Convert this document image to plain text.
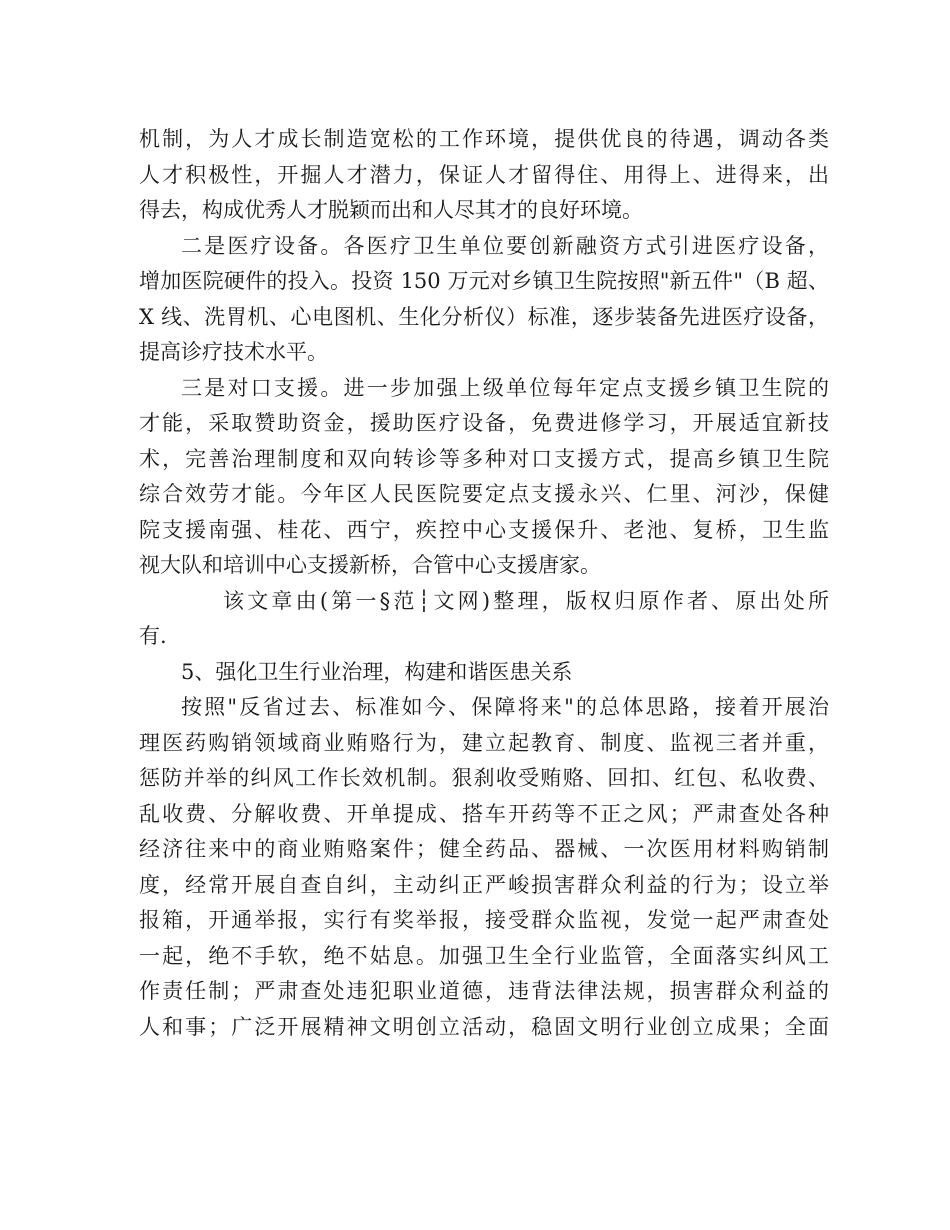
机制，为人才成长制造宽松的工作环境，提供优良的待遇，调动各类
人才积极性，开掘人才潜力，保证人才留得住、用得上、进得来，出
得去，构成优秀人才脱颖而出和人尽其才的良好环境。
二是医疗设备。各医疗卫生单位要创新融资方式引进医疗设备，
增加医院硬件的投入。投资 150 万元对乡镇卫生院按照"新五件"（B 超、
X 线、洗胃机、心电图机、生化分析仪）标准，逐步装备先进医疗设备，
提高诊疗技术水平。
三是对口支援。进一步加强上级单位每年定点支援乡镇卫生院的
才能，采取赞助资金，援助医疗设备，免费进修学习，开展适宜新技
术，完善治理制度和双向转诊等多种对口支援方式，提高乡镇卫生院
综合效劳才能。今年区人民医院要定点支援永兴、仁里、河沙，保健
院支援南强、桂花、西宁，疾控中心支援保升、老池、复桥，卫生监
视大队和培训中心支援新桥，合管中心支援唐家。
该文章由(第一§范┆文网)整理，版权归原作者、原出处所
有.
5、强化卫生行业治理，构建和谐医患关系
按照"反省过去、标准如今、保障将来"的总体思路，接着开展治
理医药购销领域商业贿赂行为，建立起教育、制度、监视三者并重，
惩防并举的纠风工作长效机制。狠刹收受贿赂、回扣、红包、私收费、
乱收费、分解收费、开单提成、搭车开药等不正之风；严肃查处各种
经济往来中的商业贿赂案件；健全药品、器械、一次医用材料购销制
度，经常开展自查自纠，主动纠正严峻损害群众利益的行为；设立举
报箱，开通举报，实行有奖举报，接受群众监视，发觉一起严肃查处
一起，绝不手软，绝不姑息。加强卫生全行业监管，全面落实纠风工
作责任制；严肃查处违犯职业道德，违背法律法规，损害群众利益的
人和事；广泛开展精神文明创立活动，稳固文明行业创立成果；全面
